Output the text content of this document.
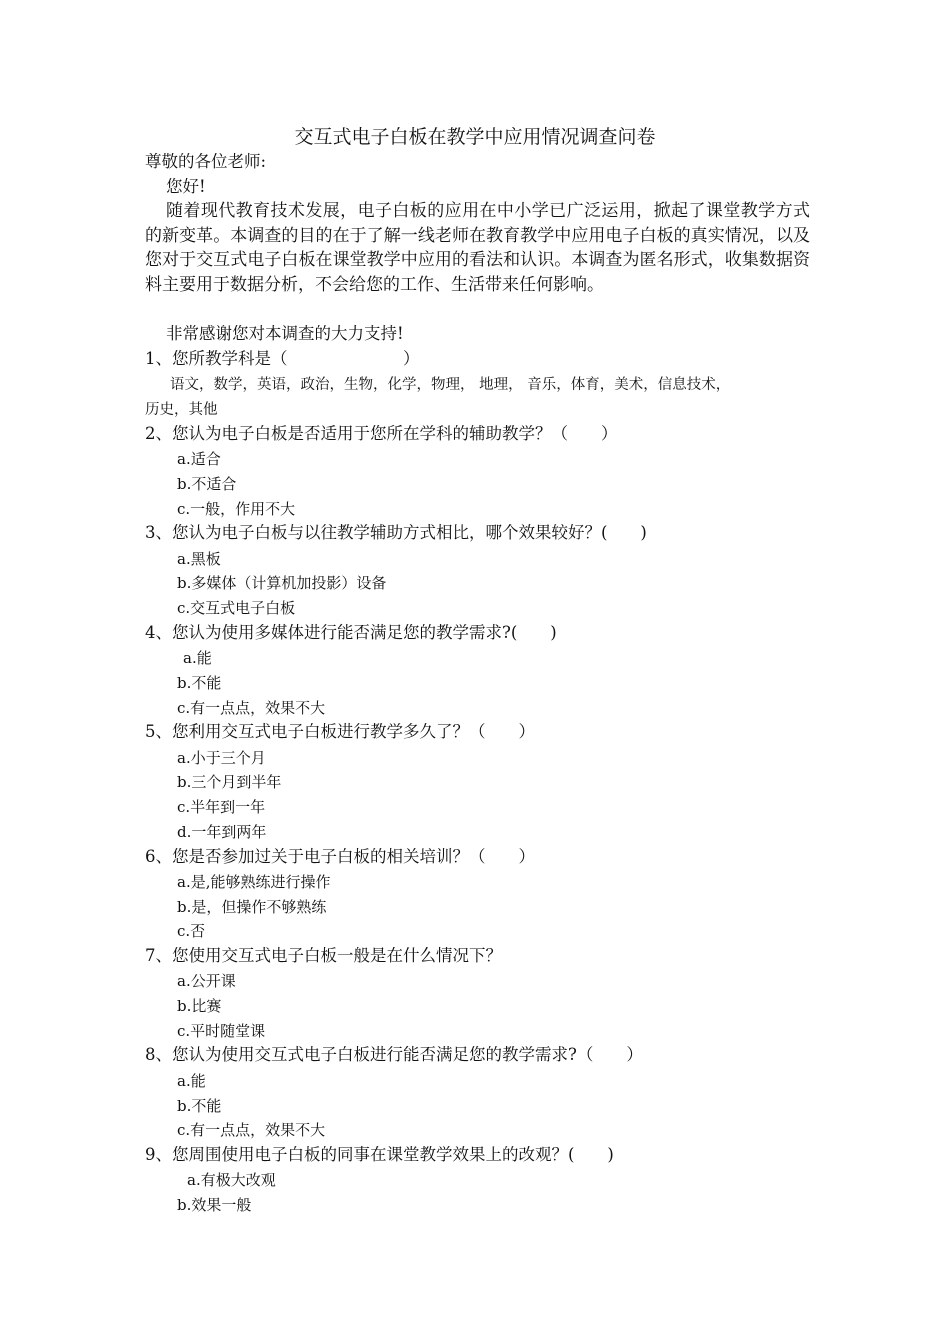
交互式电子白板在教学中应用情况调查问卷
尊敬的各位老师:
您好!
随着现代教育技术发展，电子白板的应用在中小学已广泛运用，掀起了课堂教学方式的新变革。本调查的目的在于了解一线老师在教育教学中应用电子白板的真实情况，以及您对于交互式电子白板在课堂教学中应用的看法和认识。本调查为匿名形式，收集数据资料主要用于数据分析，不会给您的工作、生活带来任何影响。
非常感谢您对本调查的大力支持!
1、您所教学科是（　　　　　　　）
语文，数学，英语，政治，生物，化学，物理， 地理， 音乐，体育，美术，信息技术，
历史，其他
2、您认为电子白板是否适用于您所在学科的辅助教学？（　　）
a.适合
b.不适合
c.一般，作用不大
3、您认为电子白板与以往教学辅助方式相比，哪个效果较好？(　　)
a.黑板
b.多媒体（计算机加投影）设备
c.交互式电子白板
4、您认为使用多媒体进行能否满足您的教学需求?(　　)
a.能
b.不能
c.有一点点，效果不大
5、您利用交互式电子白板进行教学多久了？（　　）
a.小于三个月
b.三个月到半年
c.半年到一年
d.一年到两年
6、您是否参加过关于电子白板的相关培训？（　　）
a.是,能够熟练进行操作
b.是，但操作不够熟练
c.否
7、您使用交互式电子白板一般是在什么情况下？
a.公开课
b.比赛
c.平时随堂课
8、您认为使用交互式电子白板进行能否满足您的教学需求?（　　）
a.能
b.不能
c.有一点点，效果不大
9、您周围使用电子白板的同事在课堂教学效果上的改观？(　　)
a.有极大改观
b.效果一般
